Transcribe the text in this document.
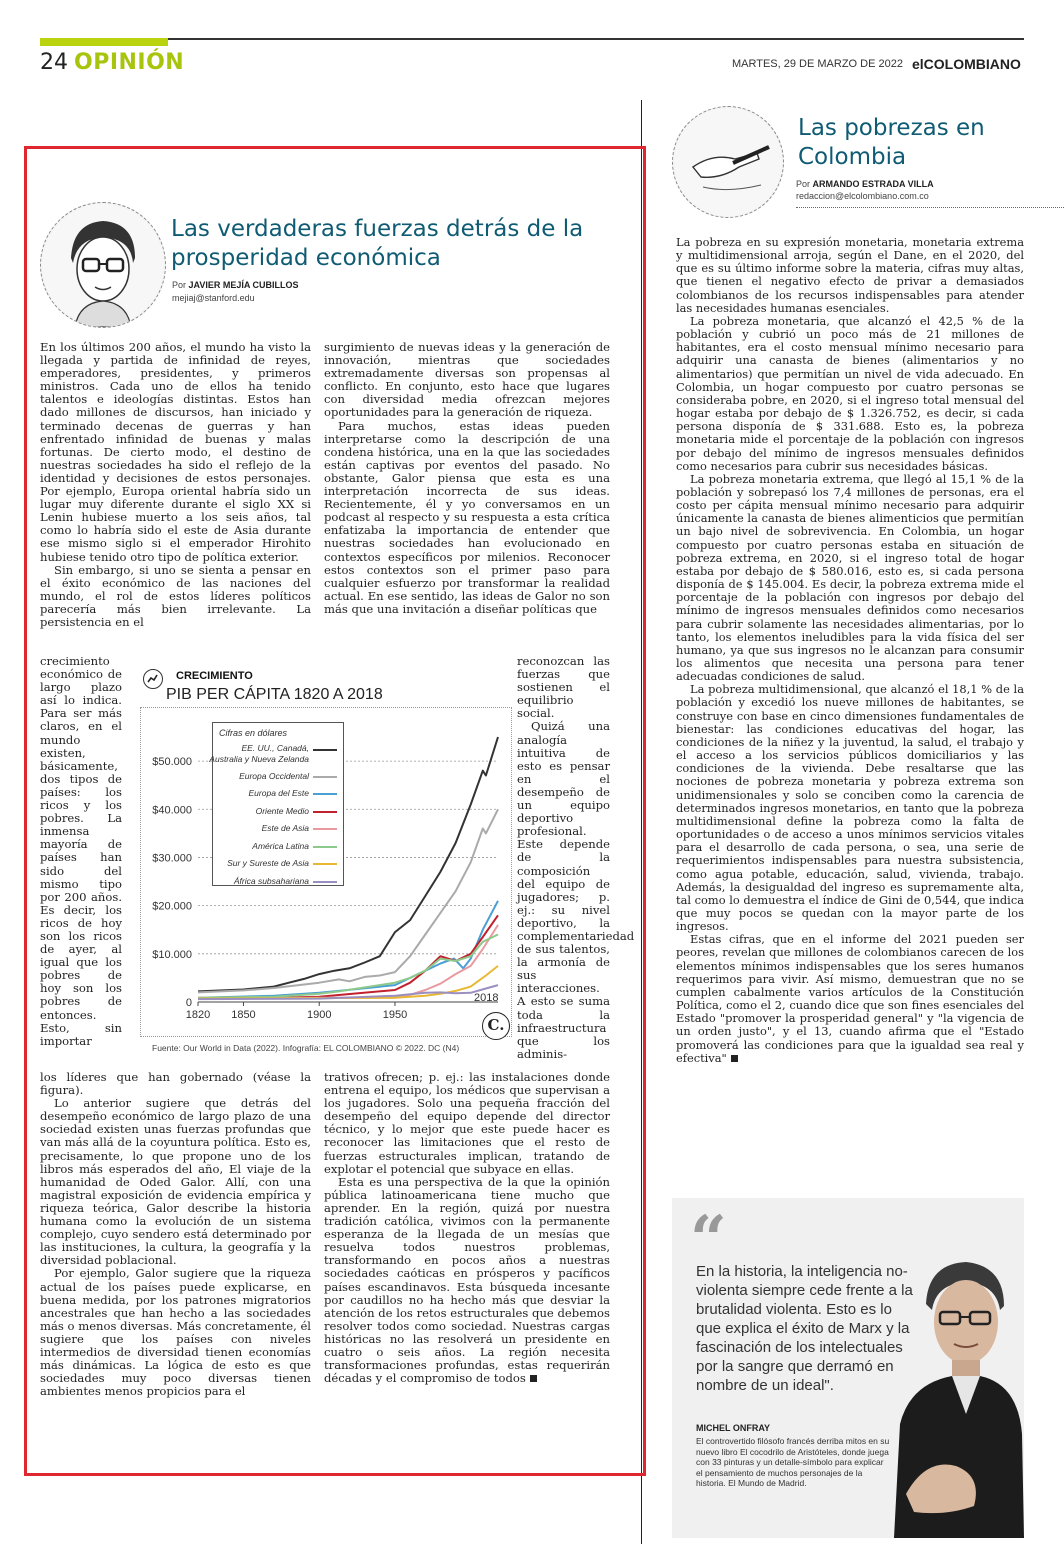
24 OPINIÓN	MARTES, 29 DE MARZO DE 2022 elCOLOMBIANO
Las verdaderas fuerzas detrás de la
prosperidad económica
Por JAVIER MEJÍA CUBILLOS
mejiaj@stanford.edu

En los últimos 200 años, el mundo ha visto la llegada y partida de infinidad de reyes, emperadores, presidentes, y primeros ministros. Cada uno de ellos ha tenido talentos e ideologías distintas. Estos han dado millones de discursos, han iniciado y terminado decenas de guerras y han enfrentado infinidad de buenas y malas fortunas. De cierto modo, el destino de nuestras sociedades ha sido el reflejo de la identidad y decisiones de estos personajes. Por ejemplo, Europa oriental habría sido un lugar muy diferente durante el siglo XX si Lenin hubiese muerto a los seis años, tal como lo habría sido el este de Asia durante ese mismo siglo si el emperador Hirohito hubiese tenido otro tipo de política exterior.

Sin embargo, si uno se sienta a pensar en el éxito económico de las naciones del mundo, el rol de estos líderes políticos parecería más bien irrelevante. La persistencia en el

crecimiento económico de largo plazo así lo indica. Para ser más claros, en el mundo existen, básicamente, dos tipos de países: los ricos y los pobres. La inmensa mayoría de países han sido del mismo tipo por 200 años. Es decir, los ricos de hoy son los ricos de ayer, al igual que los pobres de hoy son los pobres de entonces. Esto, sin importar

los líderes que han gobernado (véase la figura).

Lo anterior sugiere que detrás del desempeño económico de largo plazo de una sociedad existen unas fuerzas profundas que van más allá de la coyuntura política. Esto es, precisamente, lo que propone uno de los libros más esperados del año, El viaje de la humanidad de Oded Galor. Allí, con una magistral exposición de evidencia empírica y riqueza teórica, Galor describe la historia humana como la evolución de un sistema complejo, cuyo sendero está determinado por las instituciones, la cultura, la geografía y la diversidad poblacional.

Por ejemplo, Galor sugiere que la riqueza actual de los países puede explicarse, en buena medida, por los patrones migratorios ancestrales que han hecho a las sociedades más o menos diversas. Más concretamente, él sugiere que los países con niveles intermedios de diversidad tienen economías más dinámicas. La lógica de esto es que sociedades muy poco diversas tienen ambientes menos propicios para el

surgimiento de nuevas ideas y la generación de innovación, mientras que sociedades extremadamente diversas son propensas al conflicto. En conjunto, esto hace que lugares con diversidad media ofrezcan mejores oportunidades para la generación de riqueza.

Para muchos, estas ideas pueden interpretarse como la descripción de una condena histórica, una en la que las sociedades están captivas por eventos del pasado. No obstante, Galor piensa que esta es una interpretación incorrecta de sus ideas. Recientemente, él y yo conversamos en un podcast al respecto y su respuesta a esta crítica enfatizaba la importancia de entender que nuestras sociedades han evolucionado en contextos específicos por milenios. Reconocer estos contextos son el primer paso para cualquier esfuerzo por transformar la realidad actual. En ese sentido, las ideas de Galor no son más que una invitación a diseñar políticas que

reconozcan las fuerzas que sostienen el equilibrio social.
Quizá una analogía intuitiva de esto es pensar en el desempeño de un equipo deportivo profesional. Este depende de la composición del equipo de jugadores; p. ej.: su nivel deportivo, la complementariedad de sus talentos, la armonía de sus interacciones. A esto se suma toda la infraestructura que los adminis-

trativos ofrecen; p. ej.: las instalaciones donde entrena el equipo, los médicos que supervisan a los jugadores. Solo una pequeña fracción del desempeño del equipo depende del director técnico, y lo mejor que este puede hacer es reconocer las limitaciones que el resto de fuerzas estructurales implican, tratando de explotar el potencial que subyace en ellas.

Esta es una perspectiva de la que la opinión pública latinoamericana tiene mucho que aprender. En la región, quizá por nuestra tradición católica, vivimos con la permanente esperanza de la llegada de un mesías que resuelva todos nuestros problemas, transformando en pocos años a nuestras sociedades caóticas en prósperos y pacíficos países escandinavos. Esta búsqueda incesante por caudillos no ha hecho más que desviar la atención de los retos estructurales que debemos resolver todos como sociedad. Nuestras cargas históricas no las resolverá un presidente en cuatro o seis años. La región necesita transformaciones profundas, estas requerirán décadas y el compromiso de todos

CRECIMIENTO
PIB PER CÁPITA 1820 A 2018
0
$10.000
$20.000
$30.000
$40.000
$50.000
1820 1850	1900	1950
Cifras en dólares
EE. UU., Canadá,
Australia y Nueva Zelanda
Europa Occidental
Europa del Este
Oriente Medio
Este de Asia
América Latina
Sur y Sureste de Asia
África subsahariana
2018
C.
Fuente: Our World in Data (2022). Infografía: EL COLOMBIANO © 2022. DC (N4)
Las pobrezas en
Colombia
Por ARMANDO ESTRADA VILLA
redaccion@elcolombiano.com.co

La pobreza en su expresión monetaria, monetaria extrema y multidimensional arroja, según el Dane, en el 2020, del que es su último informe sobre la materia, cifras muy altas, que tienen el negativo efecto de privar a demasiados colombianos de los recursos indispensables para atender las necesidades humanas esenciales.

La pobreza monetaria, que alcanzó el 42,5 % de la población y cubrió un poco más de 21 millones de habitantes, era el costo mensual mínimo necesario para adquirir una canasta de bienes (alimentarios y no alimentarios) que permitían un nivel de vida adecuado. En Colombia, un hogar compuesto por cuatro personas se consideraba pobre, en 2020, si el ingreso total mensual del hogar estaba por debajo de $ 1.326.752, es decir, si cada persona disponía de $ 331.688. Esto es, la pobreza monetaria mide el porcentaje de la población con ingresos por debajo del mínimo de ingresos mensuales definidos como necesarios para cubrir sus necesidades básicas.

La pobreza monetaria extrema, que llegó al 15,1 % de la población y sobrepasó los 7,4 millones de personas, era el costo per cápita mensual mínimo necesario para adquirir únicamente la canasta de bienes alimenticios que permitían un bajo nivel de sobrevivencia. En Colombia, un hogar compuesto por cuatro personas estaba en situación de pobreza extrema, en 2020, si el ingreso total de hogar estaba por debajo de $ 580.016, esto es, si cada persona disponía de $ 145.004. Es decir, la pobreza extrema mide el porcentaje de la población con ingresos por debajo del mínimo de ingresos mensuales definidos como necesarios para cubrir solamente las necesidades alimentarias, por lo tanto, los elementos ineludibles para la vida física del ser humano, ya que sus ingresos no le alcanzan para consumir los alimentos que necesita una persona para tener adecuadas condiciones de salud.

La pobreza multidimensional, que alcanzó el 18,1 % de la población y excedió los nueve millones de habitantes, se construye con base en cinco dimensiones fundamentales de bienestar: las condiciones educativas del hogar, las condiciones de la niñez y la juventud, la salud, el trabajo y el acceso a los servicios públicos domiciliarios y las condiciones de la vivienda. Debe resaltarse que las nociones de pobreza monetaria y pobreza extrema son unidimensionales y solo se conciben como la carencia de determinados ingresos monetarios, en tanto que la pobreza multidimensional define la pobreza como la falta de oportunidades o de acceso a unos mínimos servicios vitales para el desarrollo de cada persona, o sea, una serie de requerimientos indispensables para nuestra subsistencia, como agua potable, educación, salud, vivienda, trabajo. Además, la desigualdad del ingreso es supremamente alta, tal como lo demuestra el índice de Gini de 0,544, que indica que muy pocos se quedan con la mayor parte de los ingresos.

Estas cifras, que en el informe del 2021 pueden ser peores, revelan que millones de colombianos carecen de los elementos mínimos indispensables que los seres humanos requerimos para vivir. Así mismo, demuestran que no se cumplen cabalmente varios artículos de la Constitución Política, como el 2, cuando dice que son fines esenciales del Estado "promover la prosperidad general" y "la vigencia de un orden justo", y el 13, cuando afirma que el "Estado promoverá las condiciones para que la igualdad sea real y efectiva"

“
En la historia, la inteligencia no-violenta siempre cede frente a la brutalidad violenta. Esto es lo que explica el éxito de Marx y la fascinación de los intelectuales por la sangre que derramó en nombre de un ideal".
MICHEL ONFRAY
El controvertido filósofo francés derriba mitos en su nuevo libro El cocodrilo de Aristóteles, donde juega con 33 pinturas y un detalle-símbolo para explicar el pensamiento de muchos personajes de la historia. El Mundo de Madrid.
